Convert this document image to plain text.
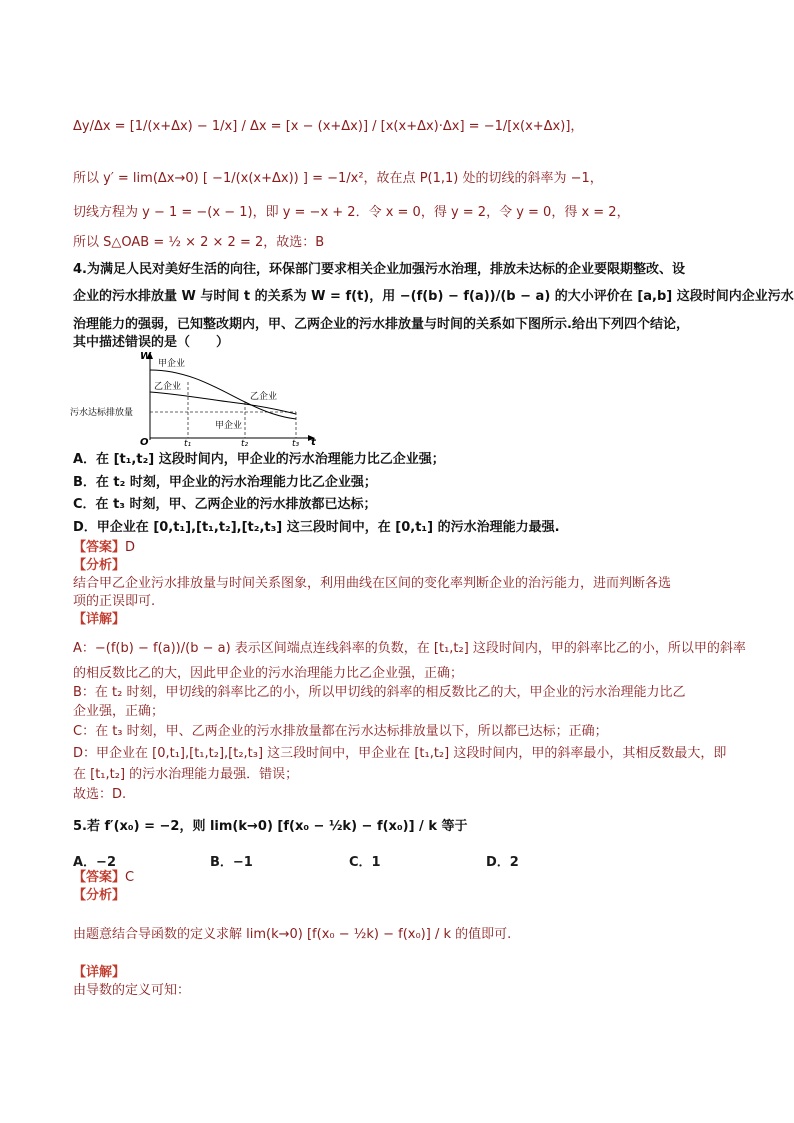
Δy/Δx = [1/(x+Δx) − 1/x] / Δx = [x − (x+Δx)] / [x(x+Δx)·Δx] = −1/[x(x+Δx)]，
所以 y′ = lim(Δx→0) [ −1/(x(x+Δx)) ] = −1/x²，故在点 P(1,1) 处的切线的斜率为 −1，
切线方程为 y − 1 = −(x − 1)，即 y = −x + 2．令 x = 0，得 y = 2，令 y = 0，得 x = 2，
所以 S△OAB = ½ × 2 × 2 = 2，故选：B
4.为满足人民对美好生活的向往，环保部门要求相关企业加强污水治理，排放未达标的企业要限期整改、设
企业的污水排放量 W 与时间 t 的关系为 W = f(t)，用 −(f(b) − f(a))/(b − a) 的大小评价在 [a,b] 这段时间内企业污水
治理能力的强弱，已知整改期内，甲、乙两企业的污水排放量与时间的关系如下图所示.给出下列四个结论，
其中描述错误的是（　　）
W
t
O
甲企业
乙企业
乙企业
甲企业
污水达标排放量
t₁	t₂	t₃
A．在 [t₁,t₂] 这段时间内，甲企业的污水治理能力比乙企业强；
B．在 t₂ 时刻，甲企业的污水治理能力比乙企业强；
C．在 t₃ 时刻，甲、乙两企业的污水排放都已达标；
D．甲企业在 [0,t₁],[t₁,t₂],[t₂,t₃] 这三段时间中，在 [0,t₁] 的污水治理能力最强.
【答案】D
【分析】
结合甲乙企业污水排放量与时间关系图象，利用曲线在区间的变化率判断企业的治污能力，进而判断各选
项的正误即可.
【详解】
A：−(f(b) − f(a))/(b − a) 表示区间端点连线斜率的负数，在 [t₁,t₂] 这段时间内，甲的斜率比乙的小，所以甲的斜率
的相反数比乙的大，因此甲企业的污水治理能力比乙企业强，正确；
B：在 t₂ 时刻，甲切线的斜率比乙的小，所以甲切线的斜率的相反数比乙的大，甲企业的污水治理能力比乙
企业强，正确；
C：在 t₃ 时刻，甲、乙两企业的污水排放量都在污水达标排放量以下，所以都已达标；正确；
D：甲企业在 [0,t₁],[t₁,t₂],[t₂,t₃] 这三段时间中，甲企业在 [t₁,t₂] 这段时间内，甲的斜率最小，其相反数最大，即
在 [t₁,t₂] 的污水治理能力最强．错误；
故选：D.
5.若 f′(x₀) = −2，则 lim(k→0) [f(x₀ − ½k) − f(x₀)] / k 等于
A．−2	B．−1	C．1	D．2
【答案】C
【分析】
由题意结合导函数的定义求解 lim(k→0) [f(x₀ − ½k) − f(x₀)] / k 的值即可.
【详解】
由导数的定义可知：
